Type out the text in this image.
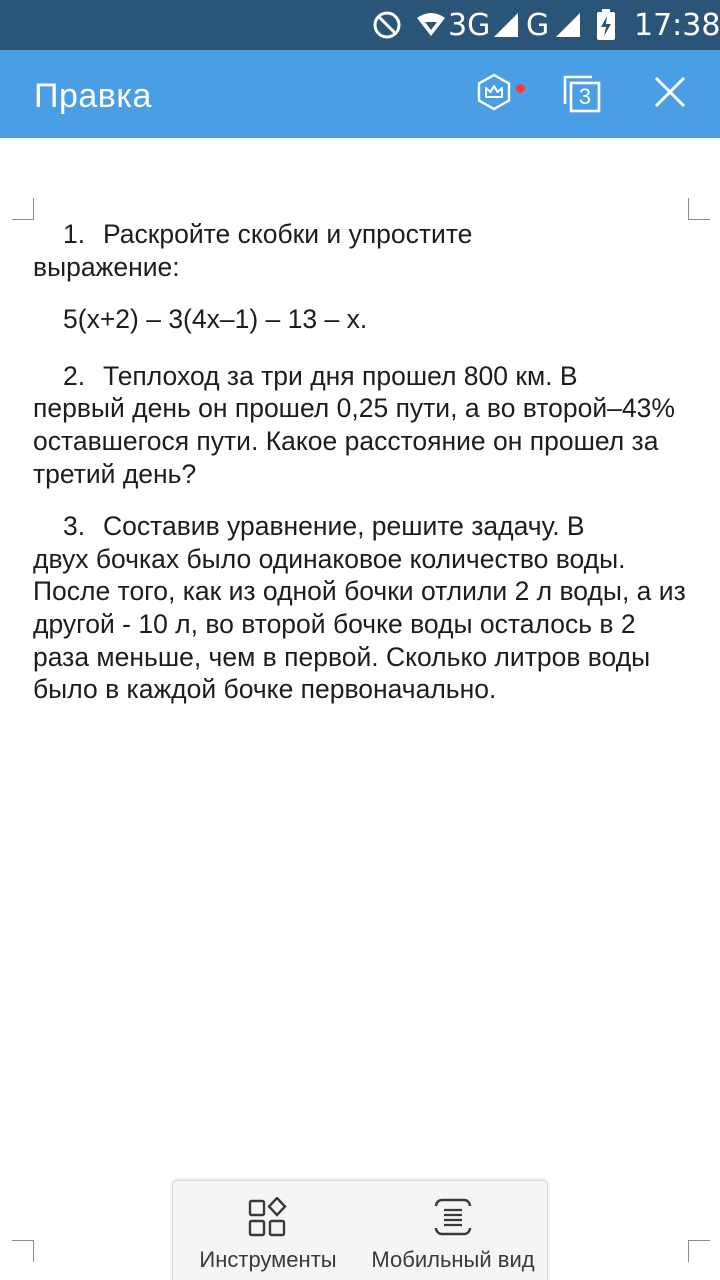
3G G	17:38
Правка	3
1. Раскройте скобки и упростите
выражение:
5(x+2) – 3(4x–1) – 13 – x.
2. Теплоход за три дня прошел 800 км. В
первый день он прошел 0,25 пути, а во второй–43% оставшегося пути. Какое расстояние он прошел за третий день?
3. Составив уравнение, решите задачу. В
двух бочках было одинаковое количество воды. После того, как из одной бочки отлили 2 л воды, а из другой - 10 л, во второй бочке воды осталось в 2 раза меньше, чем в первой. Сколько литров воды было в каждой бочке первоначально.
Инструменты Мобильный вид
